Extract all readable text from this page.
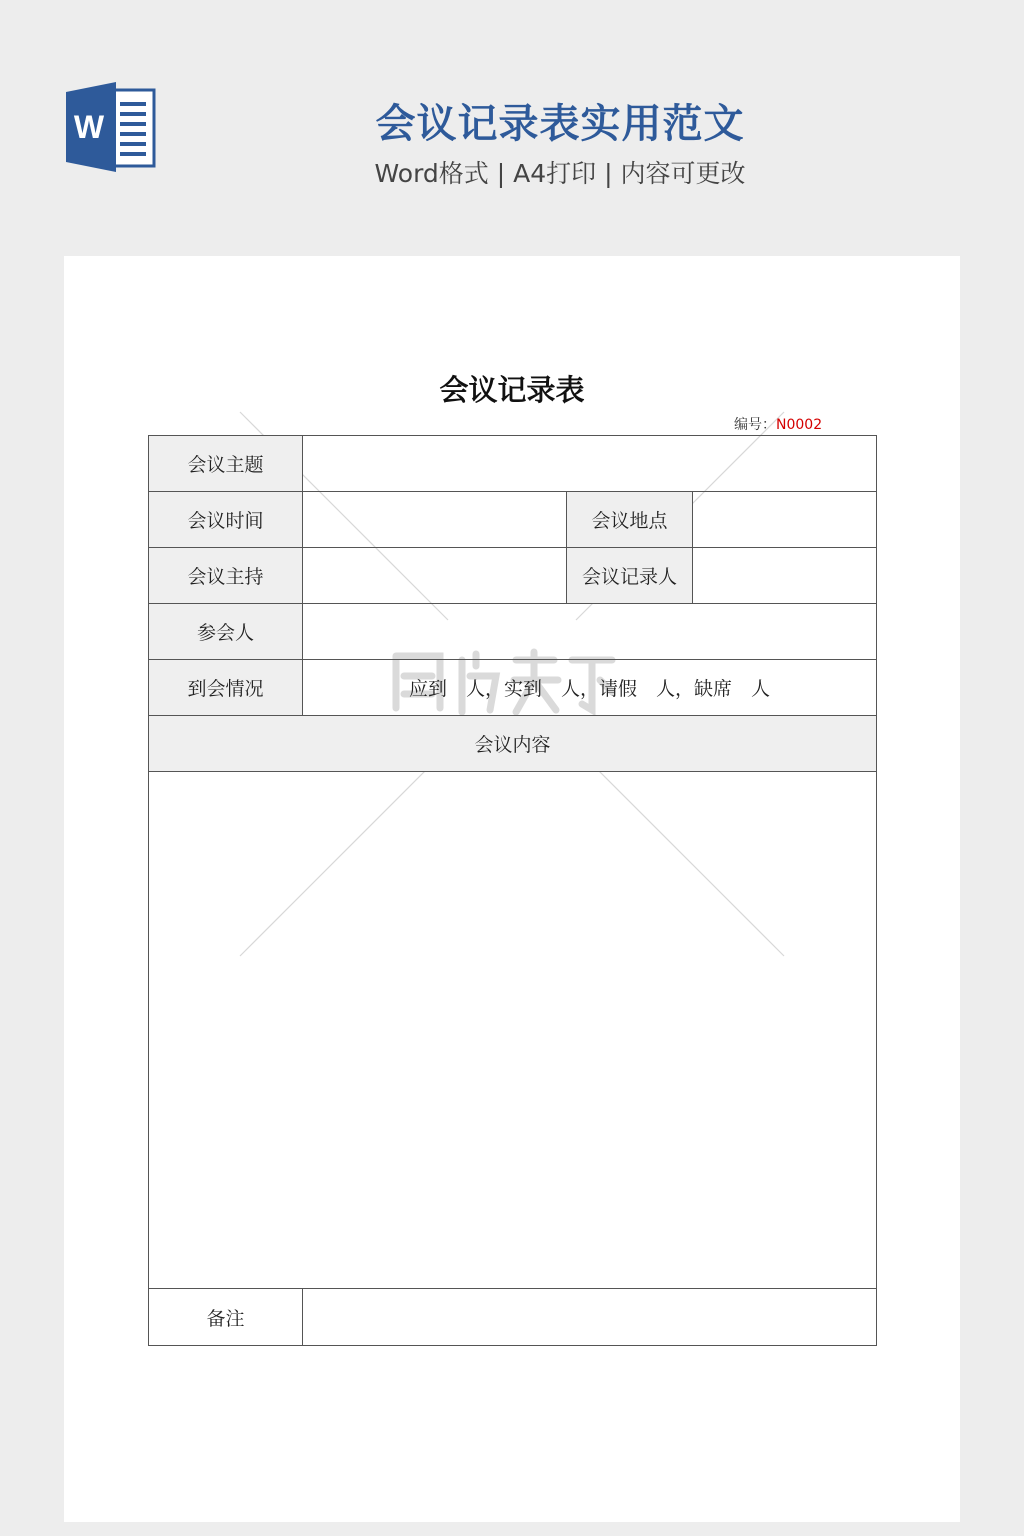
W	会议记录表实用范文
Word格式 | A4打印 | 内容可更改
会议记录表
编号：N0002
会议主题			
会议时间		会议地点	
会议主持		会议记录人	
参会人			
到会情况	应到　人，实到　人，请假　人，缺席　人		
会议内容			

备注			
